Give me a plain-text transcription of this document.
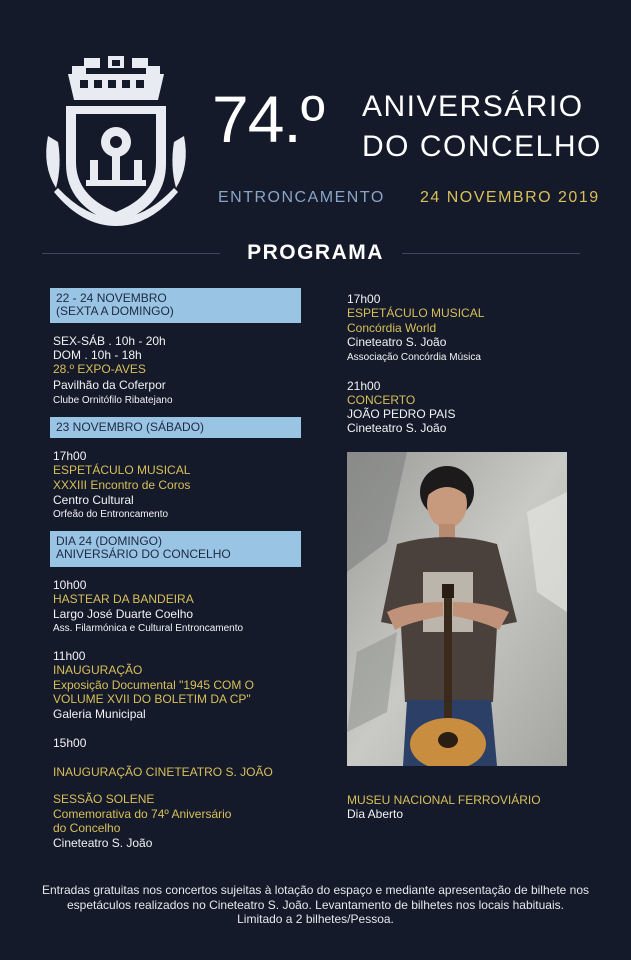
74.º ANIVERSÁRIO
DO CONCELHO
ENTRONCAMENTO 24 NOVEMBRO 2019
PROGRAMA
22 - 24 NOVEMBRO
(SEXTA A DOMINGO)
SEX-SÁB . 10h - 20h
DOM . 10h - 18h
28.º EXPO-AVES
Pavilhão da Coferpor
Clube Ornitófilo Ribatejano
23 NOVEMBRO (SÁBADO)
17h00
ESPETÁCULO MUSICAL
XXXIII Encontro de Coros
Centro Cultural
Orfeão do Entroncamento
DIA 24 (DOMINGO)
ANIVERSÁRIO DO CONCELHO
10h00
HASTEAR DA BANDEIRA
Largo José Duarte Coelho
Ass. Filarmónica e Cultural Entroncamento
11h00
INAUGURAÇÃO
Exposição Documental "1945 COM O
VOLUME XVII DO BOLETIM DA CP"
Galeria Municipal
15h00
INAUGURAÇÃO CINETEATRO S. JOÃO
SESSÃO SOLENE
Comemorativa do 74º Aniversário
do Concelho
Cineteatro S. João
17h00
ESPETÁCULO MUSICAL
Concórdia World
Cineteatro S. João
Associação Concórdia Música
21h00
CONCERTO
JOÃO PEDRO PAIS
Cineteatro S. João
MUSEU NACIONAL FERROVIÁRIO
Dia Aberto
Entradas gratuitas nos concertos sujeitas à lotação do espaço e mediante apresentação de bilhete nos
espetáculos realizados no Cineteatro S. João. Levantamento de bilhetes nos locais habituais.
Limitado a 2 bilhetes/Pessoa.
